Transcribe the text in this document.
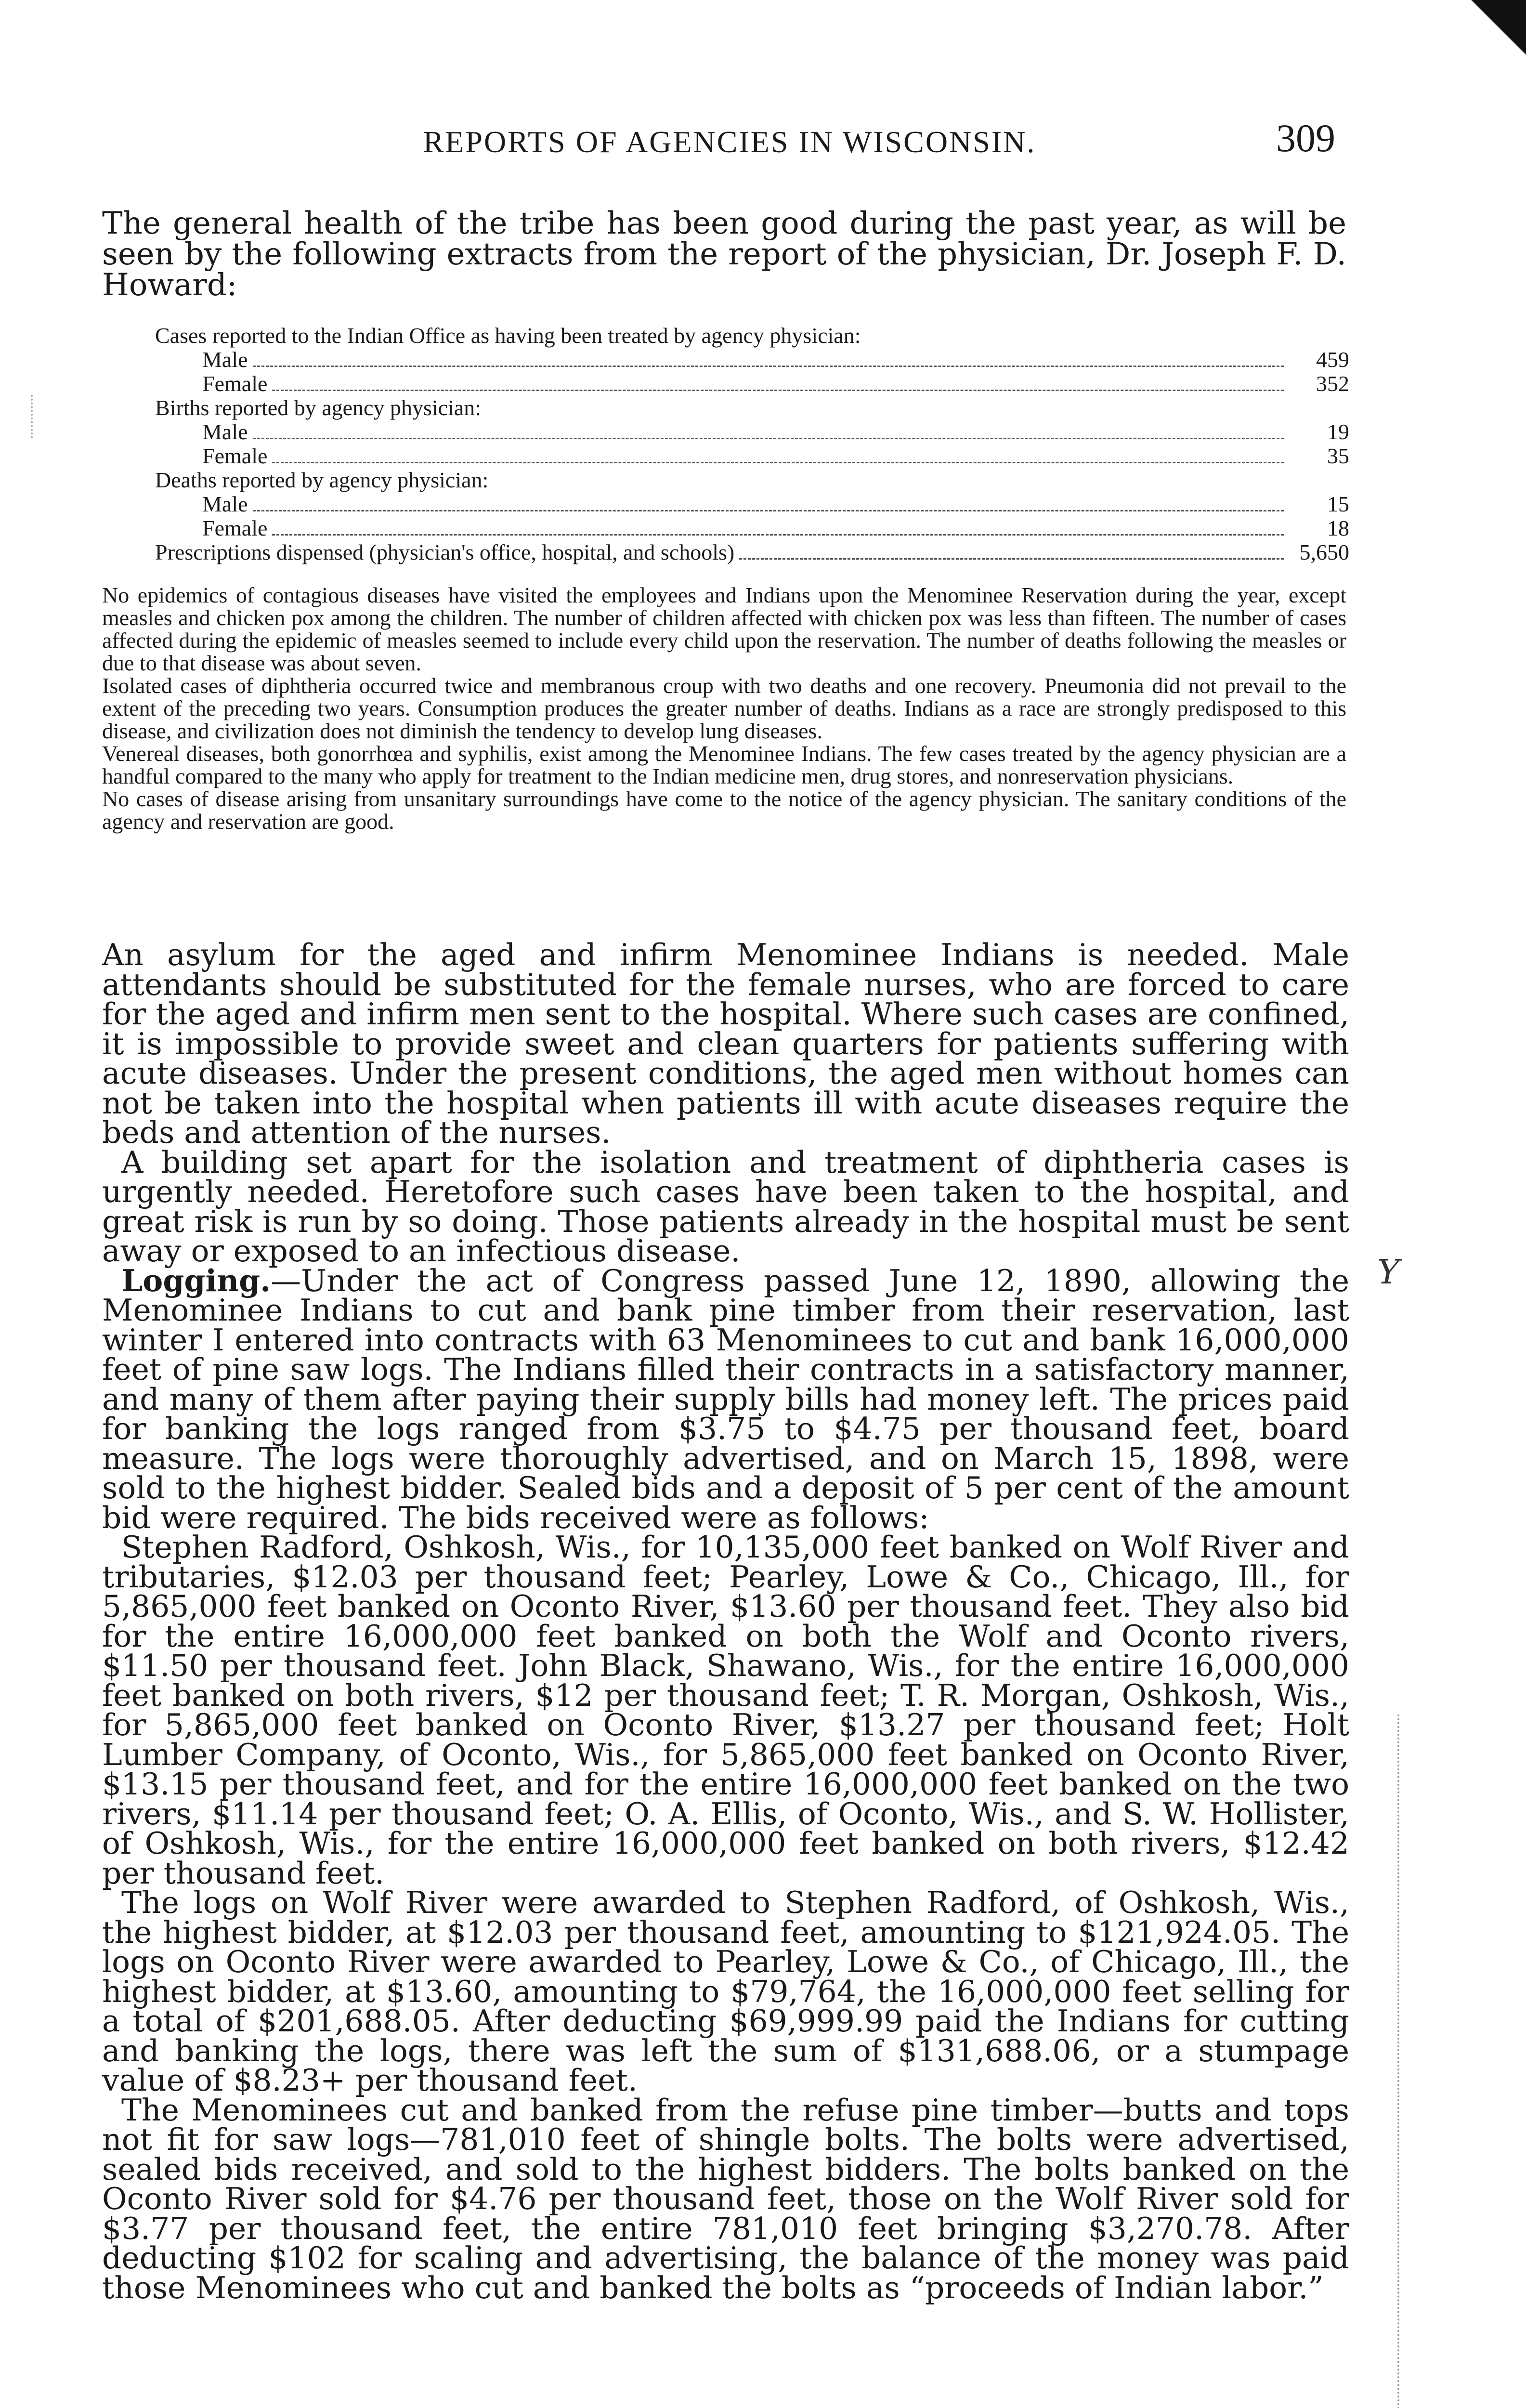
REPORTS OF AGENCIES IN WISCONSIN.	309

The general health of the tribe has been good during the past year, as will be seen by the following extracts from the report of the physician, Dr. Joseph F. D. Howard:

Cases reported to the Indian Office as having been treated by agency physician:
Male	459
Female	352
Births reported by agency physician:
Male	19
Female	35
Deaths reported by agency physician:
Male	15
Female	18
Prescriptions dispensed (physician's office, hospital, and schools)	5,650

No epidemics of contagious diseases have visited the employees and Indians upon the Menominee Reservation during the year, except measles and chicken pox among the children. The number of children affected with chicken pox was less than fifteen. The number of cases affected during the epidemic of measles seemed to include every child upon the reservation. The number of deaths following the measles or due to that disease was about seven.

Isolated cases of diphtheria occurred twice and membranous croup with two deaths and one recovery. Pneumonia did not prevail to the extent of the preceding two years. Consumption produces the greater number of deaths. Indians as a race are strongly predisposed to this disease, and civilization does not diminish the tendency to develop lung diseases.

Venereal diseases, both gonorrhœa and syphilis, exist among the Menominee Indians. The few cases treated by the agency physician are a handful compared to the many who apply for treatment to the Indian medicine men, drug stores, and nonreservation physicians.

No cases of disease arising from unsanitary surroundings have come to the notice of the agency physician. The sanitary conditions of the agency and reservation are good.

An asylum for the aged and infirm Menominee Indians is needed. Male attendants should be substituted for the female nurses, who are forced to care for the aged and infirm men sent to the hospital. Where such cases are confined, it is impossible to provide sweet and clean quarters for patients suffering with acute diseases. Under the present conditions, the aged men without homes can not be taken into the hospital when patients ill with acute diseases require the beds and attention of the nurses.

A building set apart for the isolation and treatment of diphtheria cases is urgently needed. Heretofore such cases have been taken to the hospital, and great risk is run by so doing. Those patients already in the hospital must be sent away or exposed to an infectious disease.

Logging.—Under the act of Congress passed June 12, 1890, allowing the Menominee Indians to cut and bank pine timber from their reservation, last winter I entered into contracts with 63 Menominees to cut and bank 16,000,000 feet of pine saw logs. The Indians filled their contracts in a satisfactory manner, and many of them after paying their supply bills had money left. The prices paid for banking the logs ranged from $3.75 to $4.75 per thousand feet, board measure. The logs were thoroughly advertised, and on March 15, 1898, were sold to the highest bidder. Sealed bids and a deposit of 5 per cent of the amount bid were required. The bids received were as follows:

Stephen Radford, Oshkosh, Wis., for 10,135,000 feet banked on Wolf River and tributaries, $12.03 per thousand feet; Pearley, Lowe & Co., Chicago, Ill., for 5,865,000 feet banked on Oconto River, $13.60 per thousand feet. They also bid for the entire 16,000,000 feet banked on both the Wolf and Oconto rivers, $11.50 per thousand feet. John Black, Shawano, Wis., for the entire 16,000,000 feet banked on both rivers, $12 per thousand feet; T. R. Morgan, Oshkosh, Wis., for 5,865,000 feet banked on Oconto River, $13.27 per thousand feet; Holt Lumber Company, of Oconto, Wis., for 5,865,000 feet banked on Oconto River, $13.15 per thousand feet, and for the entire 16,000,000 feet banked on the two rivers, $11.14 per thousand feet; O. A. Ellis, of Oconto, Wis., and S. W. Hollister, of Oshkosh, Wis., for the entire 16,000,000 feet banked on both rivers, $12.42 per thousand feet.

The logs on Wolf River were awarded to Stephen Radford, of Oshkosh, Wis., the highest bidder, at $12.03 per thousand feet, amounting to $121,924.05. The logs on Oconto River were awarded to Pearley, Lowe & Co., of Chicago, Ill., the highest bidder, at $13.60, amounting to $79,764, the 16,000,000 feet selling for a total of $201,688.05. After deducting $69,999.99 paid the Indians for cutting and banking the logs, there was left the sum of $131,688.06, or a stumpage value of $8.23+ per thousand feet.

The Menominees cut and banked from the refuse pine timber—butts and tops not fit for saw logs—781,010 feet of shingle bolts. The bolts were advertised, sealed bids received, and sold to the highest bidders. The bolts banked on the Oconto River sold for $4.76 per thousand feet, those on the Wolf River sold for $3.77 per thousand feet, the entire 781,010 feet bringing $3,270.78. After deducting $102 for scaling and advertising, the balance of the money was paid those Menominees who cut and banked the bolts as “proceeds of Indian labor.”

Y
